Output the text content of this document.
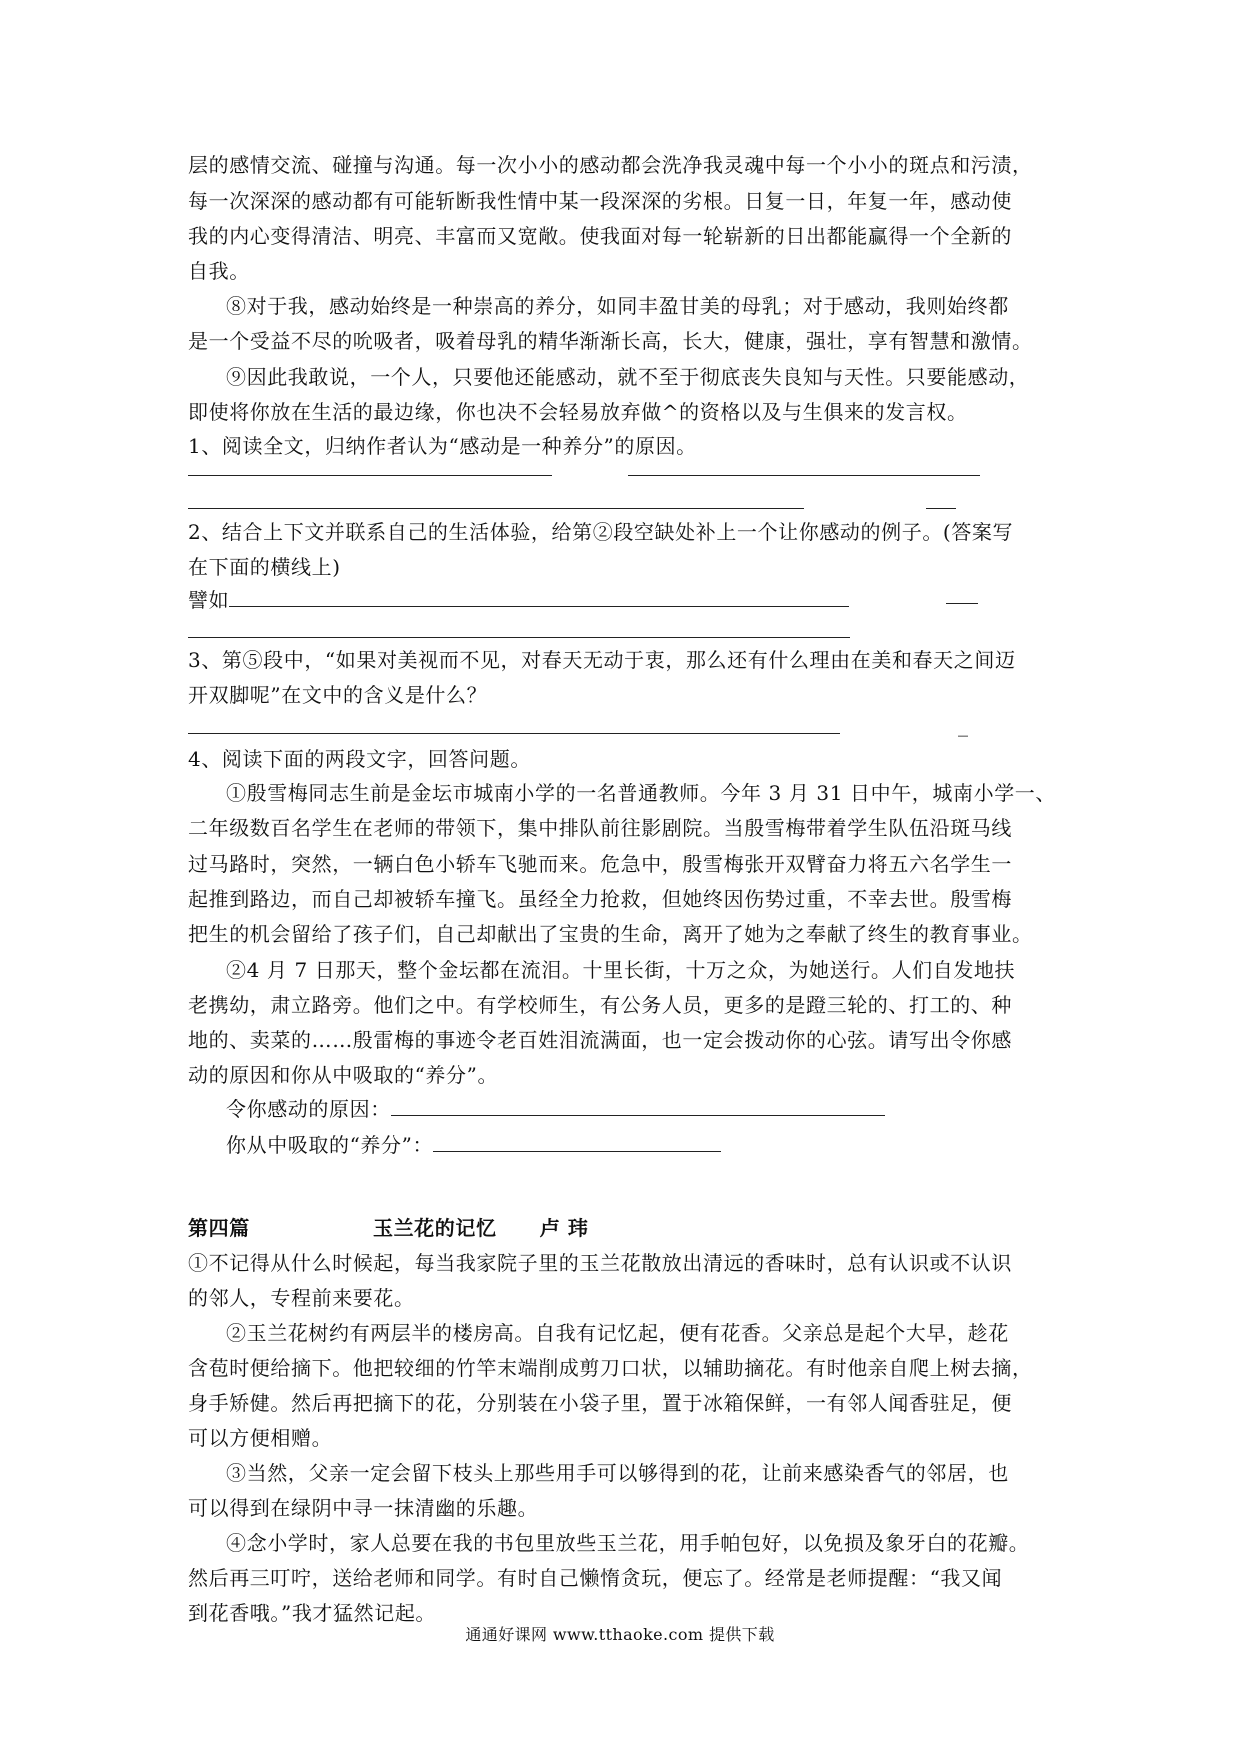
层的感情交流、碰撞与沟通。每一次小小的感动都会洗净我灵魂中每一个小小的斑点和污渍，
每一次深深的感动都有可能斩断我性情中某一段深深的劣根。日复一日，年复一年，感动使
我的内心变得清洁、明亮、丰富而又宽敞。使我面对每一轮崭新的日出都能赢得一个全新的
自我。
⑧对于我，感动始终是一种崇高的养分，如同丰盈甘美的母乳；对于感动，我则始终都
是一个受益不尽的吮吸者，吸着母乳的精华渐渐长高，长大，健康，强壮，享有智慧和激情。
⑨因此我敢说，一个人，只要他还能感动，就不至于彻底丧失良知与天性。只要能感动，
即使将你放在生活的最边缘，你也决不会轻易放弃做^的资格以及与生俱来的发言权。
1、阅读全文，归纳作者认为“感动是一种养分”的原因。
2、结合上下文并联系自己的生活体验，给第②段空缺处补上一个让你感动的例子。(答案写
在下面的横线上)
譬如
3、第⑤段中，“如果对美视而不见，对春天无动于衷，那么还有什么理由在美和春天之间迈
开双脚呢”在文中的含义是什么？
_
4、阅读下面的两段文字，回答问题。
①殷雪梅同志生前是金坛市城南小学的一名普通教师。今年 3 月 31 日中午，城南小学一、
二年级数百名学生在老师的带领下，集中排队前往影剧院。当殷雪梅带着学生队伍沿斑马线
过马路时，突然，一辆白色小轿车飞驰而来。危急中，殷雪梅张开双臂奋力将五六名学生一
起推到路边，而自己却被轿车撞飞。虽经全力抢救，但她终因伤势过重，不幸去世。殷雪梅
把生的机会留给了孩子们，自己却献出了宝贵的生命，离开了她为之奉献了终生的教育事业。
②4 月 7 日那天，整个金坛都在流泪。十里长街，十万之众，为她送行。人们自发地扶
老携幼，肃立路旁。他们之中。有学校师生，有公务人员，更多的是蹬三轮的、打工的、种
地的、卖菜的……殷雷梅的事迹令老百姓泪流满面，也一定会拨动你的心弦。请写出令你感
动的原因和你从中吸取的“养分”。
令你感动的原因：
你从中吸取的“养分”：
第四篇	玉兰花的记忆 卢 玮
①不记得从什么时候起，每当我家院子里的玉兰花散放出清远的香味时，总有认识或不认识
的邻人，专程前来要花。
②玉兰花树约有两层半的楼房高。自我有记忆起，便有花香。父亲总是起个大早，趁花
含苞时便给摘下。他把较细的竹竿末端削成剪刀口状，以辅助摘花。有时他亲自爬上树去摘，
身手矫健。然后再把摘下的花，分别装在小袋子里，置于冰箱保鲜，一有邻人闻香驻足，便
可以方便相赠。
③当然，父亲一定会留下枝头上那些用手可以够得到的花，让前来感染香气的邻居，也
可以得到在绿阴中寻一抹清幽的乐趣。
④念小学时，家人总要在我的书包里放些玉兰花，用手帕包好，以免损及象牙白的花瓣。
然后再三叮咛，送给老师和同学。有时自己懒惰贪玩，便忘了。经常是老师提醒：“我又闻
到花香哦。”我才猛然记起。
通通好课网 www.tthaoke.com 提供下载
